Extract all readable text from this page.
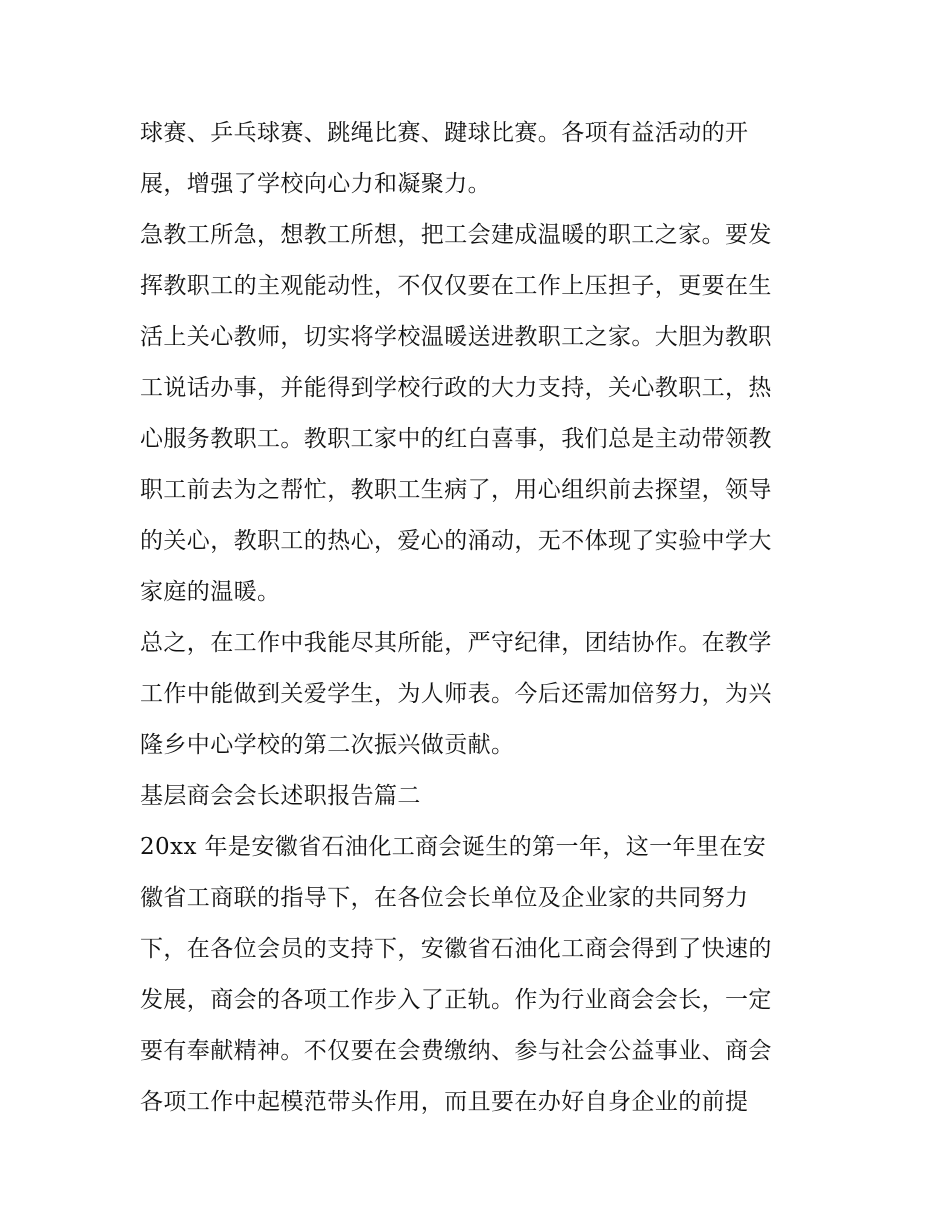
球赛、乒乓球赛、跳绳比赛、踺球比赛。各项有益活动的开
展，增强了学校向心力和凝聚力。
急教工所急，想教工所想，把工会建成温暖的职工之家。要发
挥教职工的主观能动性，不仅仅要在工作上压担子，更要在生
活上关心教师，切实将学校温暖送进教职工之家。大胆为教职
工说话办事，并能得到学校行政的大力支持，关心教职工，热
心服务教职工。教职工家中的红白喜事，我们总是主动带领教
职工前去为之帮忙，教职工生病了，用心组织前去探望，领导
的关心，教职工的热心，爱心的涌动，无不体现了实验中学大
家庭的温暖。
总之，在工作中我能尽其所能，严守纪律，团结协作。在教学
工作中能做到关爱学生，为人师表。今后还需加倍努力，为兴
隆乡中心学校的第二次振兴做贡献。
基层商会会长述职报告篇二
20xx 年是安徽省石油化工商会诞生的第一年，这一年里在安
徽省工商联的指导下，在各位会长单位及企业家的共同努力
下，在各位会员的支持下，安徽省石油化工商会得到了快速的
发展，商会的各项工作步入了正轨。作为行业商会会长，一定
要有奉献精神。不仅要在会费缴纳、参与社会公益事业、商会
各项工作中起模范带头作用，而且要在办好自身企业的前提
